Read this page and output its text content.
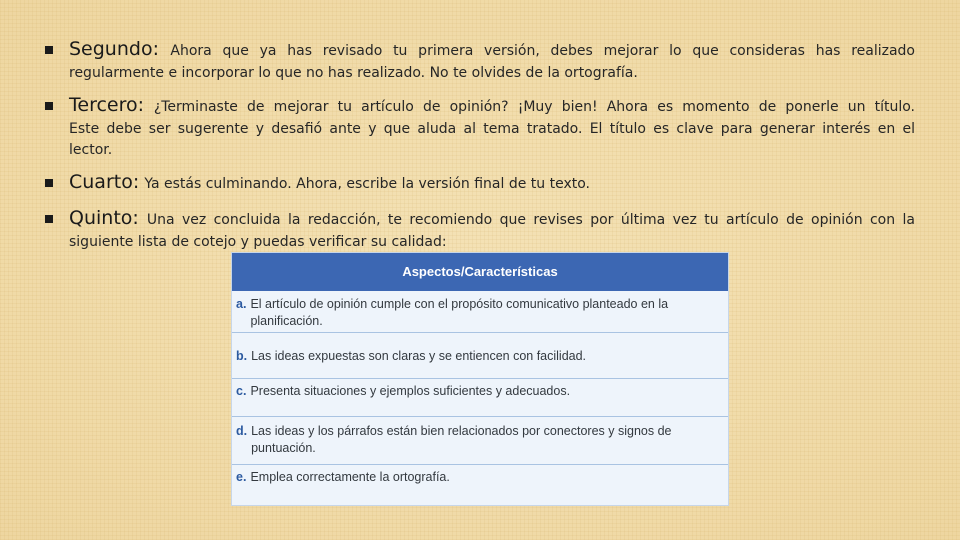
Segundo: Ahora que ya has revisado tu primera versión, debes mejorar lo que consideras has realizado
regularmente e incorporar lo que no has realizado. No te olvides de la ortografía.
Tercero: ¿Terminaste de mejorar tu artículo de opinión? ¡Muy bien! Ahora es momento de ponerle un título.
Este debe ser sugerente y desafió ante y que aluda al tema tratado. El título es clave para generar interés en el
lector.
Cuarto: Ya estás culminando. Ahora, escribe la versión final de tu texto.
Quinto: Una vez concluida la redacción, te recomiendo que revises por última vez tu artículo de opinión con la
siguiente lista de cotejo y puedas verificar su calidad:
Aspectos/Características
a. El artículo de opinión cumple con el propósito comunicativo planteado en la planificación.
b. Las ideas expuestas son claras y se entiencen con facilidad.
c. Presenta situaciones y ejemplos suficientes y adecuados.
d. Las ideas y los párrafos están bien relacionados por conectores y signos de puntuación.
e. Emplea correctamente la ortografía.
